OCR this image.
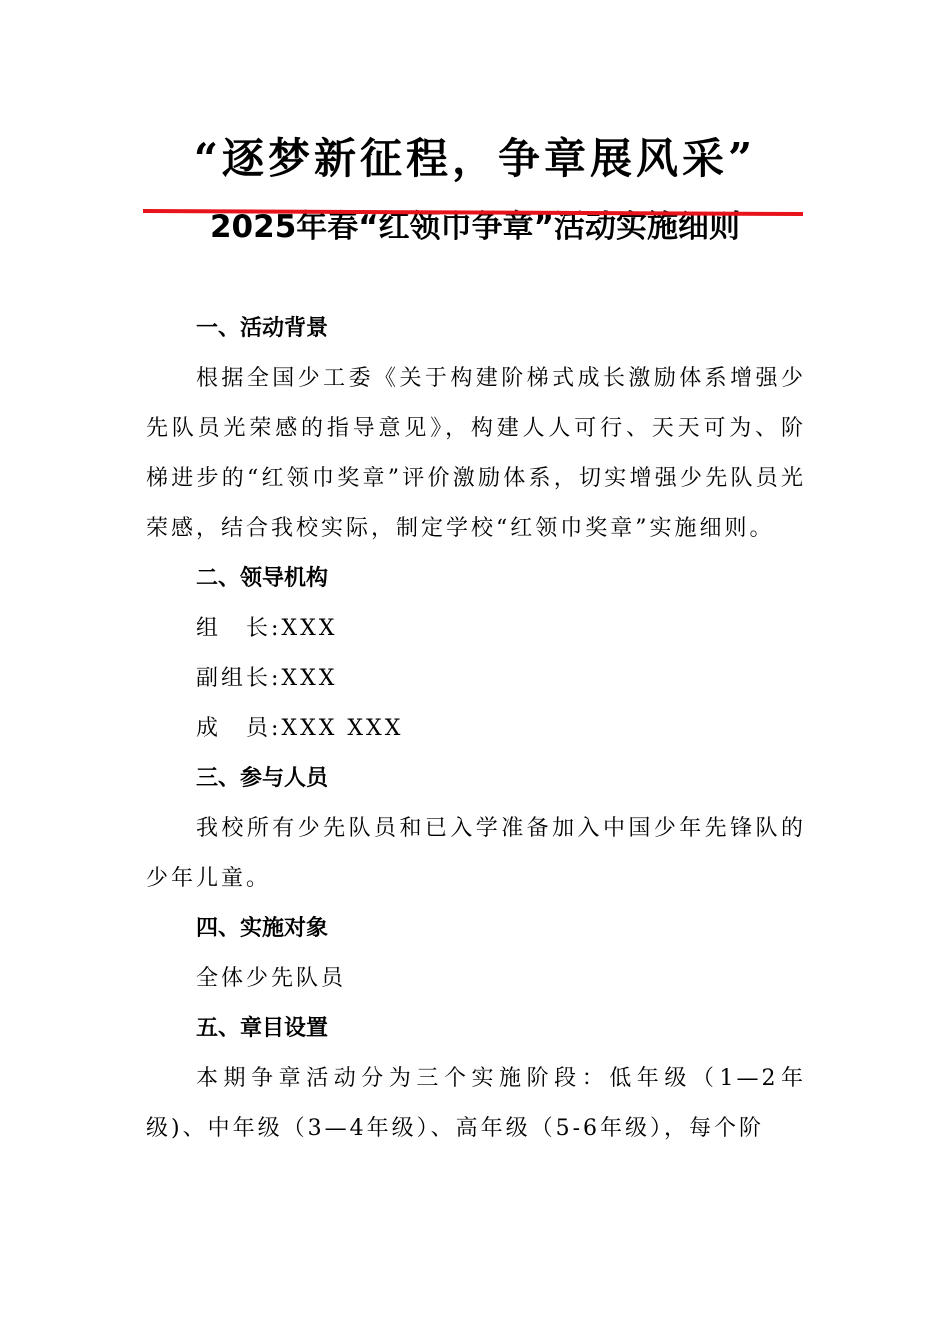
“逐梦新征程，争章展风采”
2025年春“红领巾争章”活动实施细则

一、活动背景

根据全国少工委《关于构建阶梯式成长激励体系增强少先队员光荣感的指导意见》，构建人人可行、天天可为、阶梯进步的“红领巾奖章”评价激励体系，切实增强少先队员光荣感，结合我校实际，制定学校“红领巾奖章”实施细则。

二、领导机构

组　长:XXX

副组长:XXX

成　员:XXX XXX

三、参与人员

我校所有少先队员和已入学准备加入中国少年先锋队的少年儿童。

四、实施对象

全体少先队员

五、章目设置

本期争章活动分为三个实施阶段：低年级（1—2年级)、中年级（3—4年级）、高年级（5-6年级），每个阶
